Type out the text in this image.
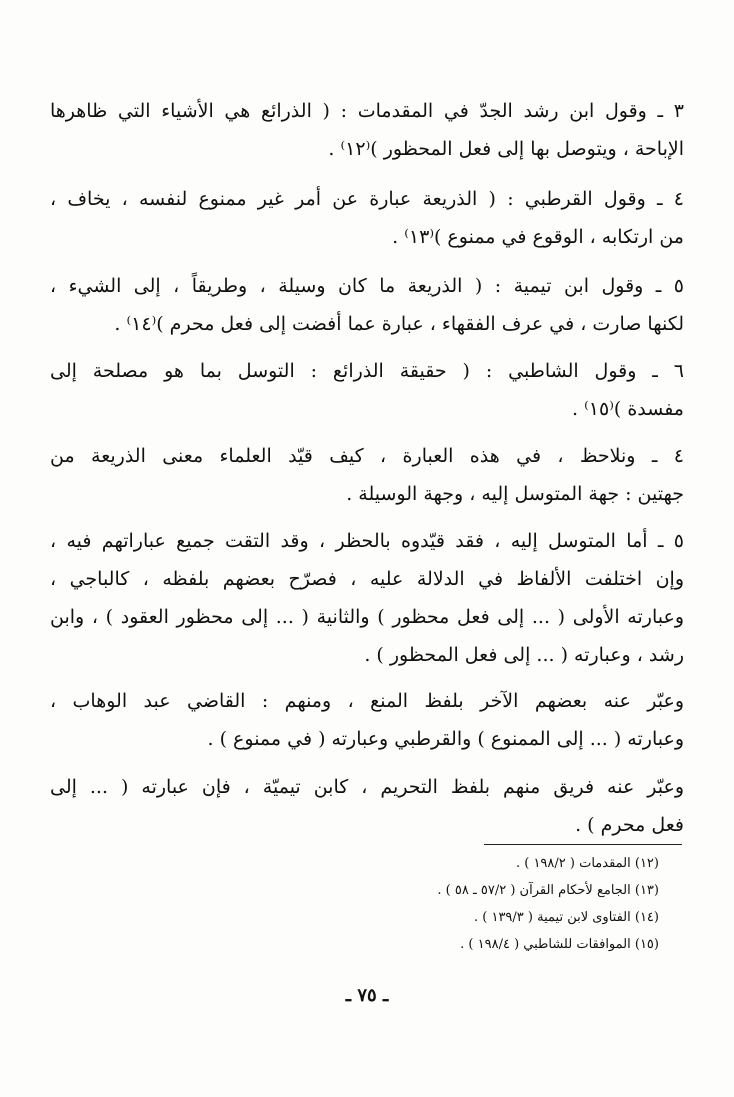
٣ ـ وقول ابن رشد الجدّ في المقدمات : ( الذرائع هي الأشياء التي ظاهرها
الإباحة ، ويتوصل بها إلى فعل المحظور )⁽١٢⁾ .
٤ ـ وقول القرطبي : ( الذريعة عبارة عن أمر غير ممنوع لنفسه ، يخاف ،
من ارتكابه ، الوقوع في ممنوع )⁽١٣⁾ .
٥ ـ وقول ابن تيمية : ( الذريعة ما كان وسيلة ، وطريقاً ، إلى الشيء ،
لكنها صارت ، في عرف الفقهاء ، عبارة عما أفضت إلى فعل محرم )⁽١٤⁾ .
٦ ـ وقول الشاطبي : ( حقيقة الذرائع : التوسل بما هو مصلحة إلى
مفسدة )⁽١٥⁾ .
٤ ـ ونلاحظ ، في هذه العبارة ، كيف قيّد العلماء معنى الذريعة من
جهتين : جهة المتوسل إليه ، وجهة الوسيلة .
٥ ـ أما المتوسل إليه ، فقد قيّدوه بالحظر ، وقد التقت جميع عباراتهم فيه ،
وإن اختلفت الألفاظ في الدلالة عليه ، فصرّح بعضهم بلفظه ، كالباجي ،
وعبارته الأولى ( ... إلى فعل محظور ) والثانية ( ... إلى محظور العقود ) ، وابن
رشد ، وعبارته ( ... إلى فعل المحظور ) .
وعبّر عنه بعضهم الآخر بلفظ المنع ، ومنهم : القاضي عبد الوهاب ،
وعبارته ( ... إلى الممنوع ) والقرطبي وعبارته ( في ممنوع ) .
وعبّر عنه فريق منهم بلفظ التحريم ، كابن تيميّة ، فإن عبارته ( ... إلى
فعل محرم ) .
(١٢) المقدمات ( ١٩٨/٢ ) .
(١٣) الجامع لأحكام القرآن ( ٥٧/٢ ـ ٥٨ ) .
(١٤) الفتاوى لابن تيمية ( ١٣٩/٣ ) .
(١٥) الموافقات للشاطبي ( ١٩٨/٤ ) .
ـ ٧٥ ـ
